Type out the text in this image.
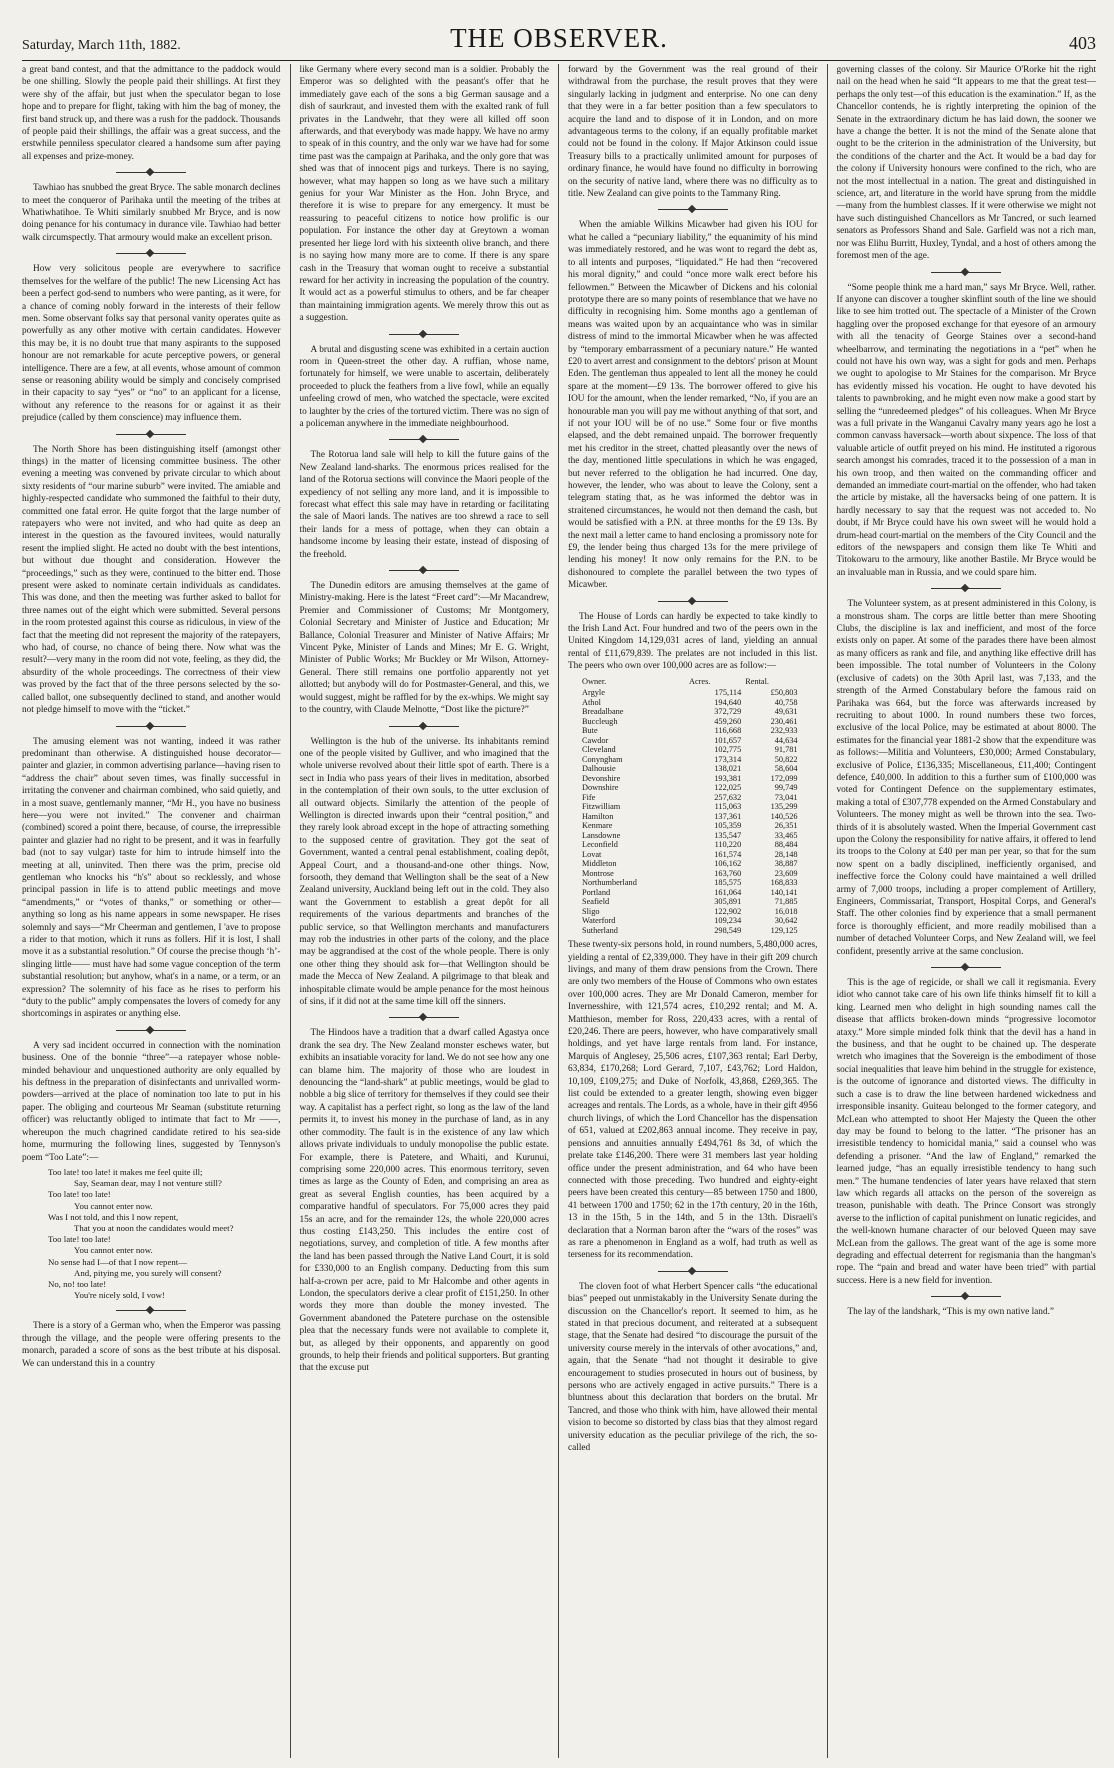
Saturday, March 11th, 1882.	THE OBSERVER.	403

a great band contest, and that the admittance to the paddock would be one shilling. Slowly the people paid their shillings. At first they were shy of the affair, but just when the speculator began to lose hope and to prepare for flight, taking with him the bag of money, the first band struck up, and there was a rush for the paddock. Thousands of people paid their shillings, the affair was a great success, and the erstwhile penniless speculator cleared a handsome sum after paying all expenses and prize-money.

Tawhiao has snubbed the great Bryce. The sable monarch declines to meet the conqueror of Parihaka until the meeting of the tribes at Whatiwhatihoe. Te Whiti similarly snubbed Mr Bryce, and is now doing penance for his contumacy in durance vile. Tawhiao had better walk circumspectly. That armoury would make an excellent prison.

How very solicitous people are everywhere to sacrifice themselves for the welfare of the public! The new Licensing Act has been a perfect god-send to numbers who were panting, as it were, for a chance of coming nobly forward in the interests of their fellow men. Some observant folks say that personal vanity operates quite as powerfully as any other motive with certain candidates. However this may be, it is no doubt true that many aspirants to the supposed honour are not remarkable for acute perceptive powers, or general intelligence. There are a few, at all events, whose amount of common sense or reasoning ability would be simply and concisely comprised in their capacity to say “yes” or “no” to an applicant for a license, without any reference to the reasons for or against it as their prejudice (called by them conscience) may influence them.

The North Shore has been distinguishing itself (amongst other things) in the matter of licensing committee business. The other evening a meeting was convened by private circular to which about sixty residents of “our marine suburb” were invited. The amiable and highly-respected candidate who summoned the faithful to their duty, committed one fatal error. He quite forgot that the large number of ratepayers who were not invited, and who had quite as deep an interest in the question as the favoured invitees, would naturally resent the implied slight. He acted no doubt with the best intentions, but without due thought and consideration. However the “proceedings,” such as they were, continued to the bitter end. Those present were asked to nominate certain individuals as candidates. This was done, and then the meeting was further asked to ballot for three names out of the eight which were submitted. Several persons in the room protested against this course as ridiculous, in view of the fact that the meeting did not represent the majority of the ratepayers, who had, of course, no chance of being there. Now what was the result?—very many in the room did not vote, feeling, as they did, the absurdity of the whole proceedings. The correctness of their view was proved by the fact that of the three persons selected by the so-called ballot, one subsequently declined to stand, and another would not pledge himself to move with the “ticket.”

The amusing element was not wanting, indeed it was rather predominant than otherwise. A distinguished house decorator—painter and glazier, in common advertising parlance—having risen to “address the chair” about seven times, was finally successful in irritating the convener and chairman combined, who said quietly, and in a most suave, gentlemanly manner, “Mr H., you have no business here—you were not invited.” The convener and chairman (combined) scored a point there, because, of course, the irrepressible painter and glazier had no right to be present, and it was in fearfully bad (not to say vulgar) taste for him to intrude himself into the meeting at all, uninvited. Then there was the prim, precise old gentleman who knocks his “h's” about so recklessly, and whose principal passion in life is to attend public meetings and move “amendments,” or “votes of thanks,” or something or other—anything so long as his name appears in some newspaper. He rises solemnly and says—“Mr Cheerman and gentlemen, I 'ave to propose a rider to that motion, which it runs as follers. Hif it is lost, I shall move it as a substantial resolution.” Of course the precise though ‘h’-slinging little—— must have had some vague conception of the term substantial resolution; but anyhow, what's in a name, or a term, or an expression? The solemnity of his face as he rises to perform his “duty to the public” amply compensates the lovers of comedy for any shortcomings in aspirates or anything else.

A very sad incident occurred in connection with the nomination business. One of the bonnie “three”—a ratepayer whose noble-minded behaviour and unquestioned authority are only equalled by his deftness in the preparation of disinfectants and unrivalled worm-powders—arrived at the place of nomination too late to put in his paper. The obliging and courteous Mr Seaman (substitute returning officer) was reluctantly obliged to intimate that fact to Mr ——, whereupon the much chagrined candidate retired to his sea-side home, murmuring the following lines, suggested by Tennyson's poem “Too Late”:—

Too late! too late! it makes me feel quite ill;
Say, Seaman dear, may I not venture still?
Too late! too late!
You cannot enter now.
Was I not told, and this I now repent,
That you at noon the candidates would meet?
Too late! too late!
You cannot enter now.
No sense had I—of that I now repent—
And, pitying me, you surely will consent?
No, no! too late!
You're nicely sold, I vow!

There is a story of a German who, when the Emperor was passing through the village, and the people were offering presents to the monarch, paraded a score of sons as the best tribute at his disposal. We can understand this in a country

like Germany where every second man is a soldier. Probably the Emperor was so delighted with the peasant's offer that he immediately gave each of the sons a big German sausage and a dish of saurkraut, and invested them with the exalted rank of full privates in the Landwehr, that they were all killed off soon afterwards, and that everybody was made happy. We have no army to speak of in this country, and the only war we have had for some time past was the campaign at Parihaka, and the only gore that was shed was that of innocent pigs and turkeys. There is no saying, however, what may happen so long as we have such a military genius for your War Minister as the Hon. John Bryce, and therefore it is wise to prepare for any emergency. It must be reassuring to peaceful citizens to notice how prolific is our population. For instance the other day at Greytown a woman presented her liege lord with his sixteenth olive branch, and there is no saying how many more are to come. If there is any spare cash in the Treasury that woman ought to receive a substantial reward for her activity in increasing the population of the country. It would act as a powerful stimulus to others, and be far cheaper than maintaining immigration agents. We merely throw this out as a suggestion.

A brutal and disgusting scene was exhibited in a certain auction room in Queen-street the other day. A ruffian, whose name, fortunately for himself, we were unable to ascertain, deliberately proceeded to pluck the feathers from a live fowl, while an equally unfeeling crowd of men, who watched the spectacle, were excited to laughter by the cries of the tortured victim. There was no sign of a policeman anywhere in the immediate neighbourhood.

The Rotorua land sale will help to kill the future gains of the New Zealand land-sharks. The enormous prices realised for the land of the Rotorua sections will convince the Maori people of the expediency of not selling any more land, and it is impossible to forecast what effect this sale may have in retarding or facilitating the sale of Maori lands. The natives are too shrewd a race to sell their lands for a mess of pottage, when they can obtain a handsome income by leasing their estate, instead of disposing of the freehold.

The Dunedin editors are amusing themselves at the game of Ministry-making. Here is the latest “Freet card”:—Mr Macandrew, Premier and Commissioner of Customs; Mr Montgomery, Colonial Secretary and Minister of Justice and Education; Mr Ballance, Colonial Treasurer and Minister of Native Affairs; Mr Vincent Pyke, Minister of Lands and Mines; Mr E. G. Wright, Minister of Public Works; Mr Buckley or Mr Wilson, Attorney-General. There still remains one portfolio apparently not yet allotted; but anybody will do for Postmaster-General, and this, we would suggest, might be raffled for by the ex-whips. We might say to the country, with Claude Melnotte, “Dost like the picture?”

Wellington is the hub of the universe. Its inhabitants remind one of the people visited by Gulliver, and who imagined that the whole universe revolved about their little spot of earth. There is a sect in India who pass years of their lives in meditation, absorbed in the contemplation of their own souls, to the utter exclusion of all outward objects. Similarly the attention of the people of Wellington is directed inwards upon their “central position,” and they rarely look abroad except in the hope of attracting something to the supposed centre of gravitation. They got the seat of Government, wanted a central penal establishment, coaling depôt, Appeal Court, and a thousand-and-one other things. Now, forsooth, they demand that Wellington shall be the seat of a New Zealand university, Auckland being left out in the cold. They also want the Government to establish a great depôt for all requirements of the various departments and branches of the public service, so that Wellington merchants and manufacturers may rob the industries in other parts of the colony, and the place may be aggrandised at the cost of the whole people. There is only one other thing they should ask for—that Wellington should be made the Mecca of New Zealand. A pilgrimage to that bleak and inhospitable climate would be ample penance for the most heinous of sins, if it did not at the same time kill off the sinners.

The Hindoos have a tradition that a dwarf called Agastya once drank the sea dry. The New Zealand monster eschews water, but exhibits an insatiable voracity for land. We do not see how any one can blame him. The majority of those who are loudest in denouncing the “land-shark” at public meetings, would be glad to nobble a big slice of territory for themselves if they could see their way. A capitalist has a perfect right, so long as the law of the land permits it, to invest his money in the purchase of land, as in any other commodity. The fault is in the existence of any law which allows private individuals to unduly monopolise the public estate. For example, there is Patetere, and Whaiti, and Kurunui, comprising some 220,000 acres. This enormous territory, seven times as large as the County of Eden, and comprising an area as great as several English counties, has been acquired by a comparative handful of speculators. For 75,000 acres they paid 15s an acre, and for the remainder 12s, the whole 220,000 acres thus costing £143,250. This includes the entire cost of negotiations, survey, and completion of title. A few months after the land has been passed through the Native Land Court, it is sold for £330,000 to an English company. Deducting from this sum half-a-crown per acre, paid to Mr Halcombe and other agents in London, the speculators derive a clear profit of £151,250. In other words they more than double the money invested. The Government abandoned the Patetere purchase on the ostensible plea that the necessary funds were not available to complete it, but, as alleged by their opponents, and apparently on good grounds, to help their friends and political supporters. But granting that the excuse put

forward by the Government was the real ground of their withdrawal from the purchase, the result proves that they were singularly lacking in judgment and enterprise. No one can deny that they were in a far better position than a few speculators to acquire the land and to dispose of it in London, and on more advantageous terms to the colony, if an equally profitable market could not be found in the colony. If Major Atkinson could issue Treasury bills to a practically unlimited amount for purposes of ordinary finance, he would have found no difficulty in borrowing on the security of native land, where there was no difficulty as to title. New Zealand can give points to the Tammany Ring.

When the amiable Wilkins Micawber had given his IOU for what he called a “pecuniary liability,” the equanimity of his mind was immediately restored, and he was wont to regard the debt as, to all intents and purposes, “liquidated.” He had then “recovered his moral dignity,” and could “once more walk erect before his fellowmen.” Between the Micawber of Dickens and his colonial prototype there are so many points of resemblance that we have no difficulty in recognising him. Some months ago a gentleman of means was waited upon by an acquaintance who was in similar distress of mind to the immortal Micawber when he was affected by “temporary embarrassment of a pecuniary nature.” He wanted £20 to avert arrest and consignment to the debtors' prison at Mount Eden. The gentleman thus appealed to lent all the money he could spare at the moment—£9 13s. The borrower offered to give his IOU for the amount, when the lender remarked, “No, if you are an honourable man you will pay me without anything of that sort, and if not your IOU will be of no use.” Some four or five months elapsed, and the debt remained unpaid. The borrower frequently met his creditor in the street, chatted pleasantly over the news of the day, mentioned little speculations in which he was engaged, but never referred to the obligation he had incurred. One day, however, the lender, who was about to leave the Colony, sent a telegram stating that, as he was informed the debtor was in straitened circumstances, he would not then demand the cash, but would be satisfied with a P.N. at three months for the £9 13s. By the next mail a letter came to hand enclosing a promissory note for £9, the lender being thus charged 13s for the mere privilege of lending his money! It now only remains for the P.N. to be dishonoured to complete the parallel between the two types of Micawber.

The House of Lords can hardly be expected to take kindly to the Irish Land Act. Four hundred and two of the peers own in the United Kingdom 14,129,031 acres of land, yielding an annual rental of £11,679,839. The prelates are not included in this list. The peers who own over 100,000 acres are as follow:—

Owner.	Acres.	Rental.
Argyle	175,114	£50,803
Athol	194,640	40,758
Breadalbane	372,729	49,631
Buccleugh	459,260	230,461
Bute	116,668	232,933
Cawdor	101,657	44,634
Cleveland	102,775	91,781
Conyngham	173,314	50,822
Dalhousie	138,021	58,604
Devonshire	193,381	172,099
Downshire	122,025	99,749
Fife	257,632	73,041
Fitzwilliam	115,063	135,299
Hamilton	137,361	140,526
Kenmare	105,359	26,351
Lansdowne	135,547	33,465
Leconfield	110,220	88,484
Lovat	161,574	28,148
Middleton	106,162	38,887
Montrose	163,760	23,609
Northumberland	185,575	168,833
Portland	161,064	140,141
Seafield	305,891	71,885
Sligo	122,902	16,018
Waterford	109,234	30,642
Sutherland	298,549	129,125

These twenty-six persons hold, in round numbers, 5,480,000 acres, yielding a rental of £2,339,000. They have in their gift 209 church livings, and many of them draw pensions from the Crown. There are only two members of the House of Commons who own estates over 100,000 acres. They are Mr Donald Cameron, member for Invernesshire, with 121,574 acres, £10,292 rental; and M. A. Matthieson, member for Ross, 220,433 acres, with a rental of £20,246. There are peers, however, who have comparatively small holdings, and yet have large rentals from land. For instance, Marquis of Anglesey, 25,506 acres, £107,363 rental; Earl Derby, 63,834, £170,268; Lord Gerard, 7,107, £43,762; Lord Haldon, 10,109, £109,275; and Duke of Norfolk, 43,868, £269,365. The list could be extended to a greater length, showing even bigger acreages and rentals. The Lords, as a whole, have in their gift 4956 church livings, of which the Lord Chancellor has the dispensation of 651, valued at £202,863 annual income. They receive in pay, pensions and annuities annually £494,761 8s 3d, of which the prelate take £146,200. There were 31 members last year holding office under the present administration, and 64 who have been connected with those preceding. Two hundred and eighty-eight peers have been created this century—85 between 1750 and 1800, 41 between 1700 and 1750; 62 in the 17th century, 20 in the 16th, 13 in the 15th, 5 in the 14th, and 5 in the 13th. Disraeli's declaration that a Norman baron after the “wars of the roses” was as rare a phenomenon in England as a wolf, had truth as well as terseness for its recommendation.

The cloven foot of what Herbert Spencer calls “the educational bias” peeped out unmistakably in the University Senate during the discussion on the Chancellor's report. It seemed to him, as he stated in that precious document, and reiterated at a subsequent stage, that the Senate had desired “to discourage the pursuit of the university course merely in the intervals of other avocations,” and, again, that the Senate “had not thought it desirable to give encouragement to studies prosecuted in hours out of business, by persons who are actively engaged in active pursuits.” There is a bluntness about this declaration that borders on the brutal. Mr Tancred, and those who think with him, have allowed their mental vision to become so distorted by class bias that they almost regard university education as the peculiar privilege of the rich, the so-called

governing classes of the colony. Sir Maurice O'Rorke hit the right nail on the head when he said “It appears to me that the great test—perhaps the only test—of this education is the examination.” If, as the Chancellor contends, he is rightly interpreting the opinion of the Senate in the extraordinary dictum he has laid down, the sooner we have a change the better. It is not the mind of the Senate alone that ought to be the criterion in the administration of the University, but the conditions of the charter and the Act. It would be a bad day for the colony if University honours were confined to the rich, who are not the most intellectual in a nation. The great and distinguished in science, art, and literature in the world have sprung from the middle—many from the humblest classes. If it were otherwise we might not have such distinguished Chancellors as Mr Tancred, or such learned senators as Professors Shand and Sale. Garfield was not a rich man, nor was Elihu Burritt, Huxley, Tyndal, and a host of others among the foremost men of the age.

“Some people think me a hard man,” says Mr Bryce. Well, rather. If anyone can discover a tougher skinflint south of the line we should like to see him trotted out. The spectacle of a Minister of the Crown haggling over the proposed exchange for that eyesore of an armoury with all the tenacity of George Staines over a second-hand wheelbarrow, and terminating the negotiations in a “pet” when he could not have his own way, was a sight for gods and men. Perhaps we ought to apologise to Mr Staines for the comparison. Mr Bryce has evidently missed his vocation. He ought to have devoted his talents to pawnbroking, and he might even now make a good start by selling the “unredeemed pledges” of his colleagues. When Mr Bryce was a full private in the Wanganui Cavalry many years ago he lost a common canvass haversack—worth about sixpence. The loss of that valuable article of outfit preyed on his mind. He instituted a rigorous search amongst his comrades, traced it to the possession of a man in his own troop, and then waited on the commanding officer and demanded an immediate court-martial on the offender, who had taken the article by mistake, all the haversacks being of one pattern. It is hardly necessary to say that the request was not acceded to. No doubt, if Mr Bryce could have his own sweet will he would hold a drum-head court-martial on the members of the City Council and the editors of the newspapers and consign them like Te Whiti and Titokowaru to the armoury, like another Bastile. Mr Bryce would be an invaluable man in Russia, and we could spare him.

The Volunteer system, as at present administered in this Colony, is a monstrous sham. The corps are little better than mere Shooting Clubs, the discipline is lax and inefficient, and most of the force exists only on paper. At some of the parades there have been almost as many officers as rank and file, and anything like effective drill has been impossible. The total number of Volunteers in the Colony (exclusive of cadets) on the 30th April last, was 7,133, and the strength of the Armed Constabulary before the famous raid on Parihaka was 664, but the force was afterwards increased by recruiting to about 1000. In round numbers these two forces, exclusive of the local Police, may be estimated at about 8000. The estimates for the financial year 1881-2 show that the expenditure was as follows:—Militia and Volunteers, £30,000; Armed Constabulary, exclusive of Police, £136,335; Miscellaneous, £11,400; Contingent defence, £40,000. In addition to this a further sum of £100,000 was voted for Contingent Defence on the supplementary estimates, making a total of £307,778 expended on the Armed Constabulary and Volunteers. The money might as well be thrown into the sea. Two-thirds of it is absolutely wasted. When the Imperial Government cast upon the Colony the responsibility for native affairs, it offered to lend its troops to the Colony at £40 per man per year, so that for the sum now spent on a badly disciplined, inefficiently organised, and ineffective force the Colony could have maintained a well drilled army of 7,000 troops, including a proper complement of Artillery, Engineers, Commissariat, Transport, Hospital Corps, and General's Staff. The other colonies find by experience that a small permanent force is thoroughly efficient, and more readily mobilised than a number of detached Volunteer Corps, and New Zealand will, we feel confident, presently arrive at the same conclusion.

This is the age of regicide, or shall we call it regismania. Every idiot who cannot take care of his own life thinks himself fit to kill a king. Learned men who delight in high sounding names call the disease that afflicts broken-down minds “progressive locomotor ataxy.” More simple minded folk think that the devil has a hand in the business, and that he ought to be chained up. The desperate wretch who imagines that the Sovereign is the embodiment of those social inequalities that leave him behind in the struggle for existence, is the outcome of ignorance and distorted views. The difficulty in such a case is to draw the line between hardened wickedness and irresponsible insanity. Guiteau belonged to the former category, and McLean who attempted to shoot Her Majesty the Queen the other day may be found to belong to the latter. “The prisoner has an irresistible tendency to homicidal mania,” said a counsel who was defending a prisoner. “And the law of England,” remarked the learned judge, “has an equally irresistible tendency to hang such men.” The humane tendencies of later years have relaxed that stern law which regards all attacks on the person of the sovereign as treason, punishable with death. The Prince Consort was strongly averse to the infliction of capital punishment on lunatic regicides, and the well-known humane character of our beloved Queen may save McLean from the gallows. The great want of the age is some more degrading and effectual deterrent for regismania than the hangman's rope. The “pain and bread and water have been tried” with partial success. Here is a new field for invention.

The lay of the landshark, “This is my own native land.”
